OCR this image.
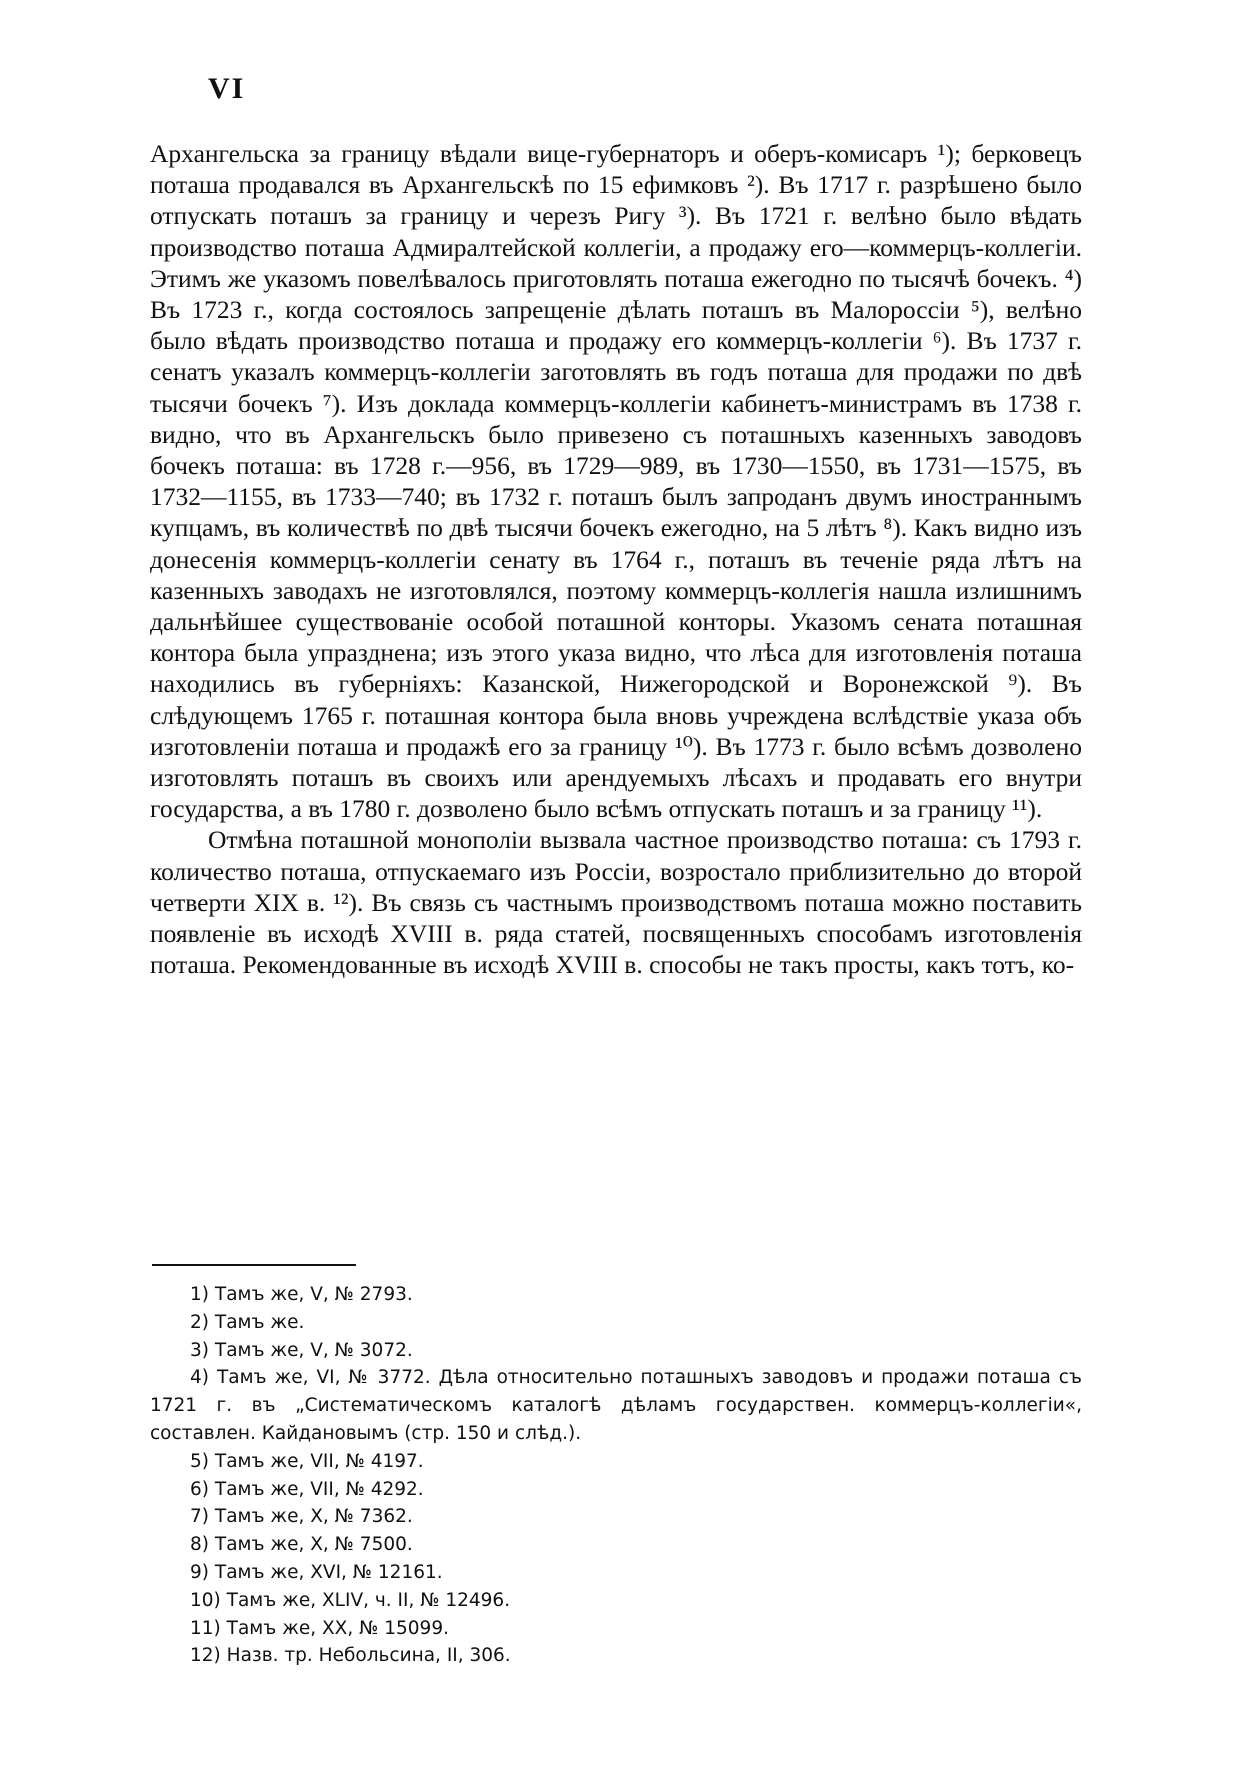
VI

Архангельска за границу вѣдали вице-губернаторъ и оберъ-комисаръ ¹); берковецъ поташа продавался въ Архангельскѣ по 15 ефимковъ ²). Въ 1717 г. разрѣшено было отпускать поташъ за границу и черезъ Ригу ³). Въ 1721 г. велѣно было вѣдать производство поташа Адмиралтейской коллегіи, а продажу его—коммерцъ-коллегіи. Этимъ же указомъ повелѣвалось приготовлять поташа ежегодно по тысячѣ бочекъ. ⁴) Въ 1723 г., когда состоялось запрещеніе дѣлать поташъ въ Малороссіи ⁵), велѣно было вѣдать производство поташа и продажу его коммерцъ-коллегіи ⁶). Въ 1737 г. сенатъ указалъ коммерцъ-коллегіи заготовлять въ годъ поташа для продажи по двѣ тысячи бочекъ ⁷). Изъ доклада коммерцъ-коллегіи кабинетъ-министрамъ въ 1738 г. видно, что въ Архангельскъ было привезено съ поташныхъ казенныхъ заводовъ бочекъ поташа: въ 1728 г.—956, въ 1729—989, въ 1730—1550, въ 1731—1575, въ 1732—1155, въ 1733—740; въ 1732 г. поташъ былъ запроданъ двумъ иностраннымъ купцамъ, въ количествѣ по двѣ тысячи бочекъ ежегодно, на 5 лѣтъ ⁸). Какъ видно изъ донесенія коммерцъ-коллегіи сенату въ 1764 г., поташъ въ теченіе ряда лѣтъ на казенныхъ заводахъ не изготовлялся, поэтому коммерцъ-коллегія нашла излишнимъ дальнѣйшее существованіе особой поташной конторы. Указомъ сената поташная контора была упразднена; изъ этого указа видно, что лѣса для изготовленія поташа находились въ губерніяхъ: Казанской, Нижегородской и Воронежской ⁹). Въ слѣдующемъ 1765 г. поташная контора была вновь учреждена вслѣдствіе указа объ изготовленіи поташа и продажѣ его за границу ¹⁰). Въ 1773 г. было всѣмъ дозволено изготовлять поташъ въ своихъ или арендуемыхъ лѣсахъ и продавать его внутри государства, а въ 1780 г. дозволено было всѣмъ отпускать поташъ и за границу ¹¹).

Отмѣна поташной монополіи вызвала частное производство поташа: съ 1793 г. количество поташа, отпускаемаго изъ Россіи, возростало приблизительно до второй четверти XIX в. ¹²). Въ связь съ частнымъ производствомъ поташа можно поставить появленіе въ исходѣ XVIII в. ряда статей, посвященныхъ способамъ изготовленія поташа. Рекомендованные въ исходѣ XVIII в. способы не такъ просты, какъ тотъ, ко-

1) Тамъ же, V, № 2793.
2) Тамъ же.
3) Тамъ же, V, № 3072.
4) Тамъ же, VI, № 3772. Дѣла относительно поташныхъ заводовъ и продажи поташа съ 1721 г. въ „Систематическомъ каталогѣ дѣламъ государствен. коммерцъ-коллегіи«, составлен. Кайдановымъ (стр. 150 и слѣд.).
5) Тамъ же, VII, № 4197.
6) Тамъ же, VII, № 4292.
7) Тамъ же, X, № 7362.
8) Тамъ же, X, № 7500.
9) Тамъ же, XVI, № 12161.
10) Тамъ же, XLIV, ч. II, № 12496.
11) Тамъ же, XX, № 15099.
12) Назв. тр. Небольсина, II, 306.
